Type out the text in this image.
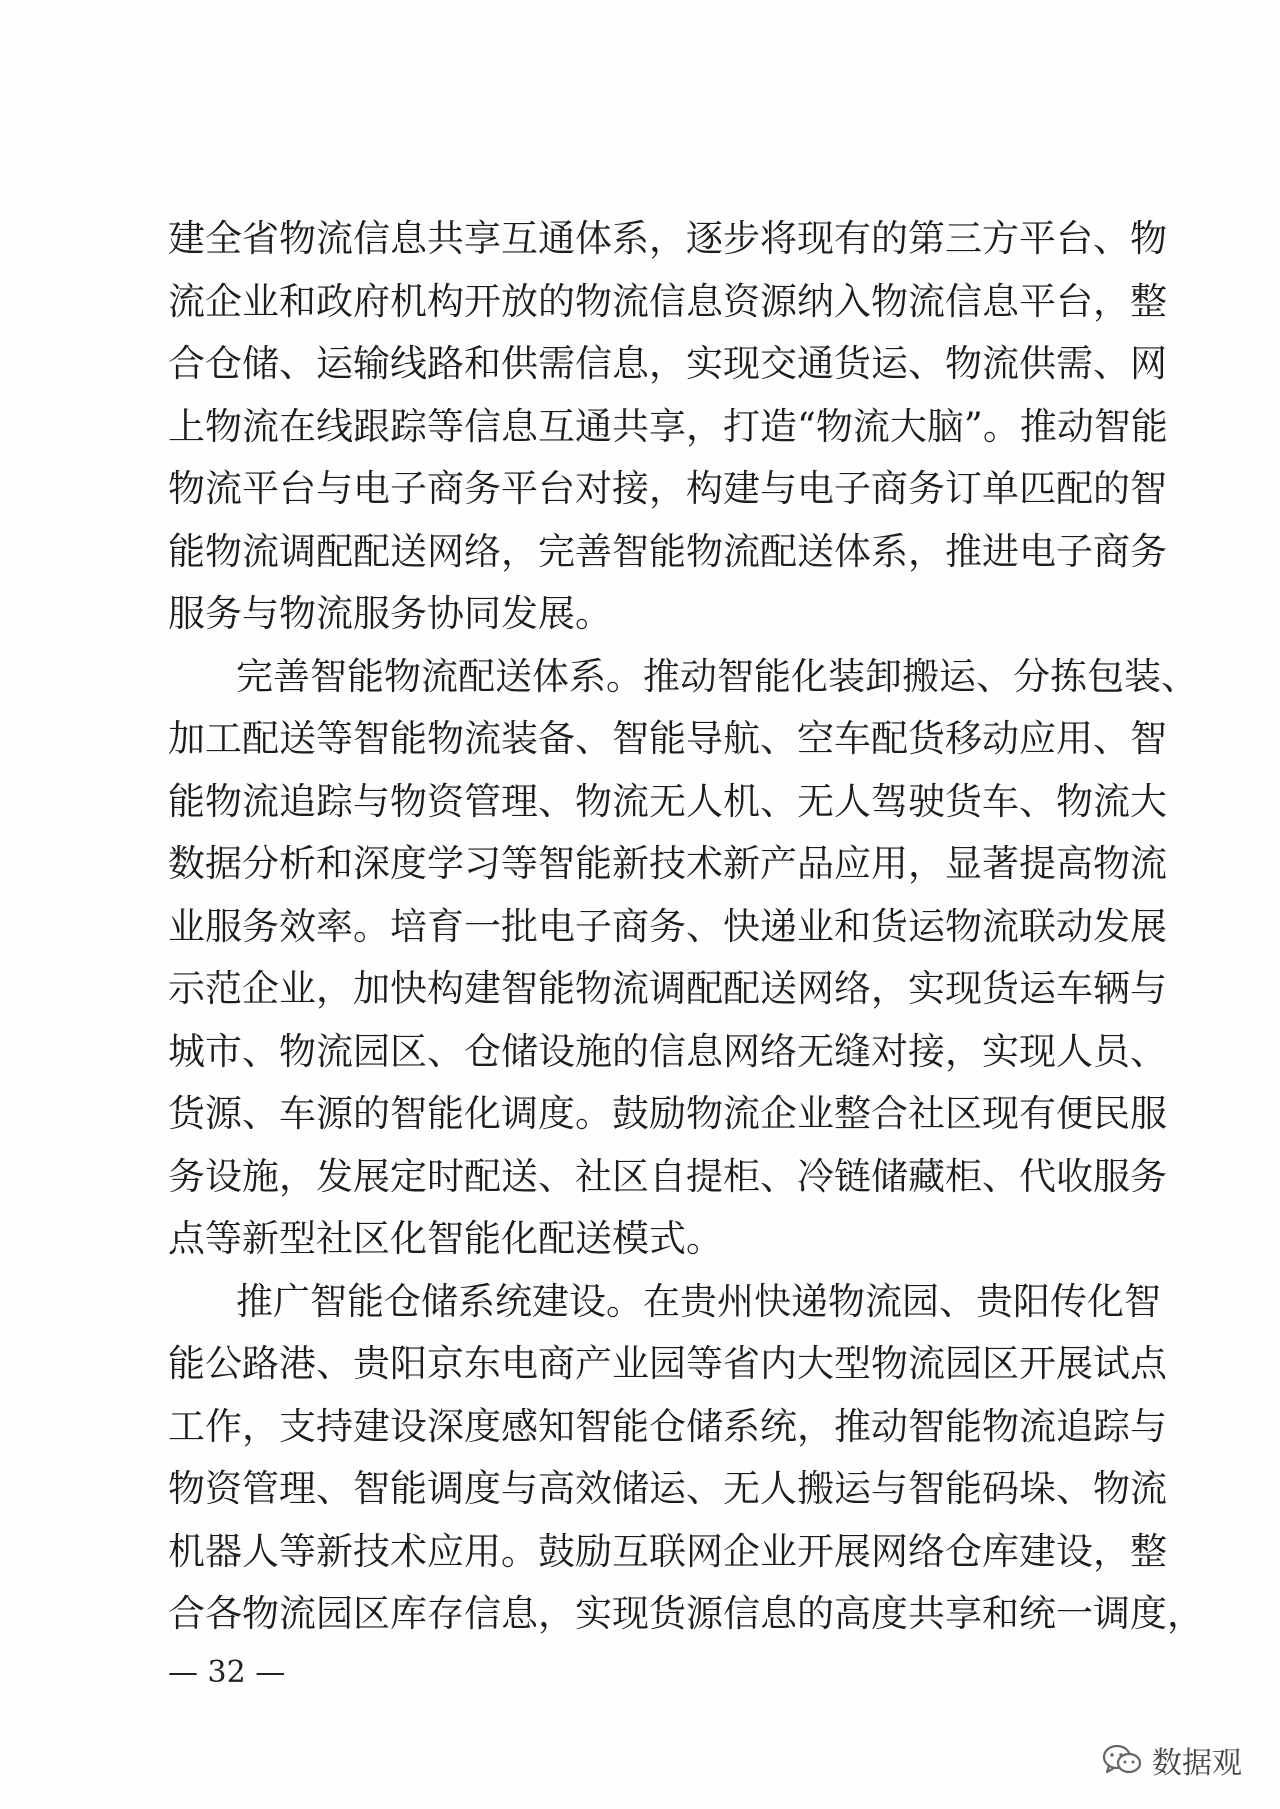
建 全 省 物 流 信 息 共 享 互 通 体 系 ， 逐 步 将 现 有 的 第 三 方 平 台 、 物
流 企 业 和 政 府 机 构 开 放 的 物 流 信 息 资 源 纳 入 物 流 信 息 平 台 ， 整
合 仓 储 、 运 输 线 路 和 供 需 信 息 ， 实 现 交 通 货 运 、 物 流 供 需 、 网
上 物 流 在 线 跟 踪 等 信 息 互 通 共 享 ， 打 造 “ 物 流 大 脑 ” 。 推 动 智 能
物 流 平 台 与 电 子 商 务 平 台 对 接 ， 构 建 与 电 子 商 务 订 单 匹 配 的 智
能 物 流 调 配 配 送 网 络 ， 完 善 智 能 物 流 配 送 体 系 ， 推 进 电 子 商 务
服务与物流服务协同发展。
完 善 智 能 物 流 配 送 体 系 。 推 动 智 能 化 装 卸 搬 运 、 分 拣 包 装 、
加 工 配 送 等 智 能 物 流 装 备 、 智 能 导 航 、 空 车 配 货 移 动 应 用 、 智
能 物 流 追 踪 与 物 资 管 理 、 物 流 无 人 机 、 无 人 驾 驶 货 车 、 物 流 大
数 据 分 析 和 深 度 学 习 等 智 能 新 技 术 新 产 品 应 用 ， 显 著 提 高 物 流
业 服 务 效 率 。 培 育 一 批 电 子 商 务 、 快 递 业 和 货 运 物 流 联 动 发 展
示 范 企 业 ， 加 快 构 建 智 能 物 流 调 配 配 送 网 络 ， 实 现 货 运 车 辆 与
城 市 、 物 流 园 区 、 仓 储 设 施 的 信 息 网 络 无 缝 对 接 ， 实 现 人 员 、
货 源 、 车 源 的 智 能 化 调 度 。 鼓 励 物 流 企 业 整 合 社 区 现 有 便 民 服
务 设 施 ， 发 展 定 时 配 送 、 社 区 自 提 柜 、 冷 链 储 藏 柜 、 代 收 服 务
点等新型社区化智能化配送模式。
推 广 智 能 仓 储 系 统 建 设 。 在 贵 州 快 递 物 流 园 、 贵 阳 传 化 智
能 公 路 港 、 贵 阳 京 东 电 商 产 业 园 等 省 内 大 型 物 流 园 区 开 展 试 点
工 作 ， 支 持 建 设 深 度 感 知 智 能 仓 储 系 统 ， 推 动 智 能 物 流 追 踪 与
物 资 管 理 、 智 能 调 度 与 高 效 储 运 、 无 人 搬 运 与 智 能 码 垛 、 物 流
机 器 人 等 新 技 术 应 用 。 鼓 励 互 联 网 企 业 开 展 网 络 仓 库 建 设 ， 整
合 各 物 流 园 区 库 存 信 息 ， 实 现 货 源 信 息 的 高 度 共 享 和 统 一 调 度 ，
— 32 —
数据观
